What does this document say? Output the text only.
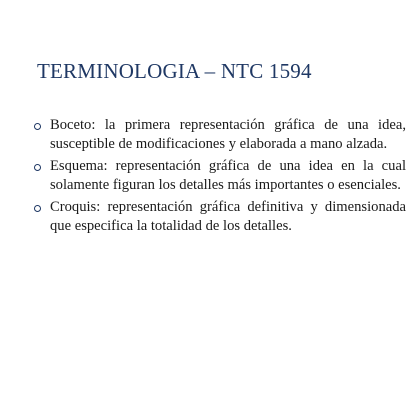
TERMINOLOGIA – NTC 1594
Boceto: la primera representación gráfica de una idea, susceptible de modificaciones y elaborada a mano alzada.
Esquema: representación gráfica de una idea en la cual solamente figuran los detalles más importantes o esenciales.
Croquis: representación gráfica definitiva y dimensionada que especifica la totalidad de los detalles.
